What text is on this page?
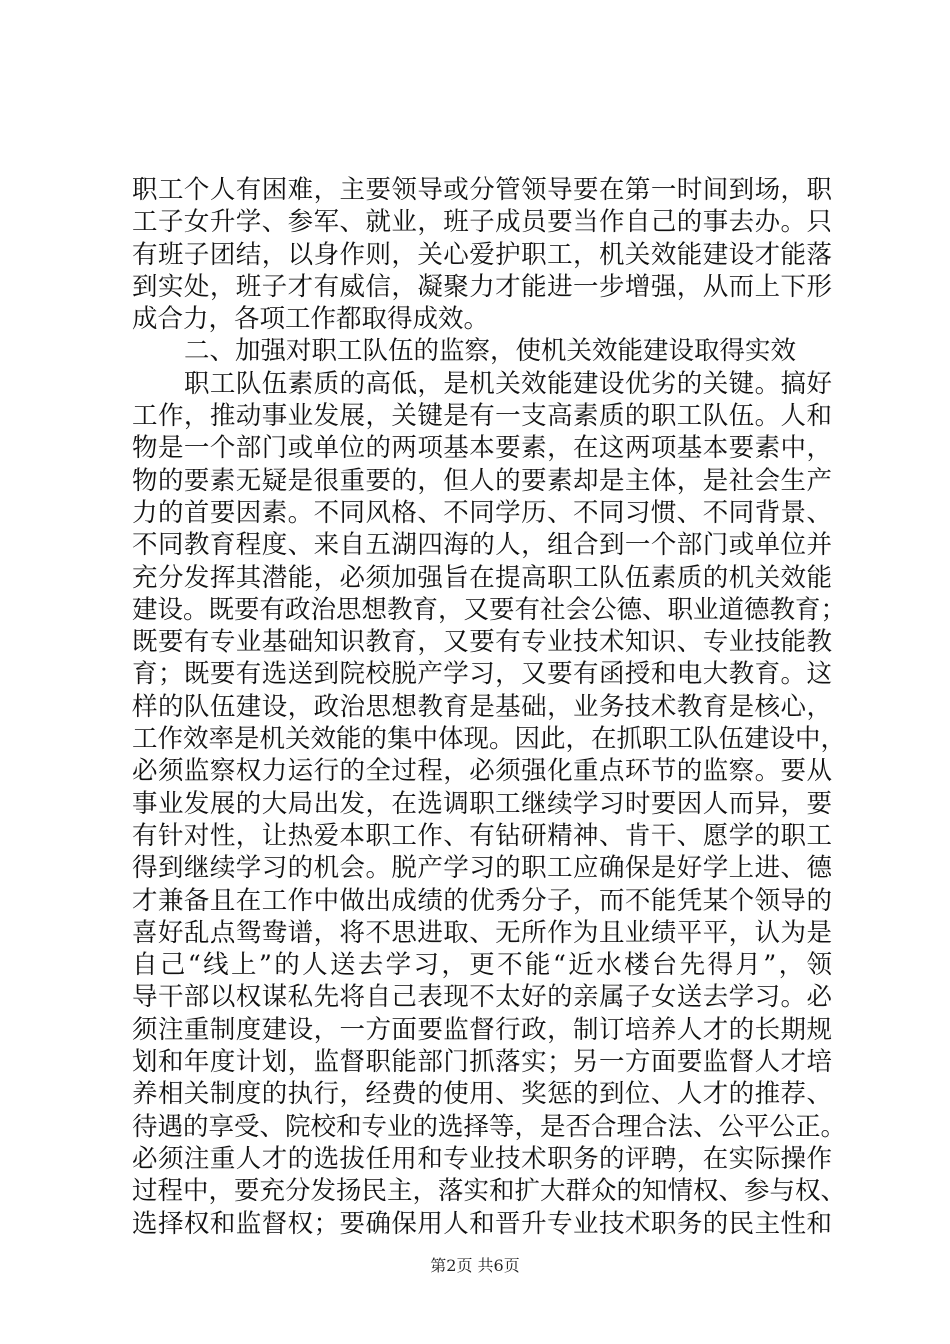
职工个人有困难，主要领导或分管领导要在第一时间到场，职
工子女升学、参军、就业，班子成员要当作自己的事去办。只
有班子团结，以身作则，关心爱护职工，机关效能建设才能落
到实处，班子才有威信，凝聚力才能进一步增强，从而上下形
成合力，各项工作都取得成效。
二、加强对职工队伍的监察，使机关效能建设取得实效
职工队伍素质的高低，是机关效能建设优劣的关键。搞好
工作，推动事业发展，关键是有一支高素质的职工队伍。人和
物是一个部门或单位的两项基本要素，在这两项基本要素中，
物的要素无疑是很重要的，但人的要素却是主体，是社会生产
力的首要因素。不同风格、不同学历、不同习惯、不同背景、
不同教育程度、来自五湖四海的人，组合到一个部门或单位并
充分发挥其潜能，必须加强旨在提高职工队伍素质的机关效能
建设。既要有政治思想教育，又要有社会公德、职业道德教育；
既要有专业基础知识教育，又要有专业技术知识、专业技能教
育；既要有选送到院校脱产学习，又要有函授和电大教育。这
样的队伍建设，政治思想教育是基础，业务技术教育是核心，
工作效率是机关效能的集中体现。因此，在抓职工队伍建设中，
必须监察权力运行的全过程，必须强化重点环节的监察。要从
事业发展的大局出发，在选调职工继续学习时要因人而异，要
有针对性，让热爱本职工作、有钻研精神、肯干、愿学的职工
得到继续学习的机会。脱产学习的职工应确保是好学上进、德
才兼备且在工作中做出成绩的优秀分子，而不能凭某个领导的
喜好乱点鸳鸯谱，将不思进取、无所作为且业绩平平，认为是
自己“线上”的人送去学习，更不能“近水楼台先得月”，领
导干部以权谋私先将自己表现不太好的亲属子女送去学习。必
须注重制度建设，一方面要监督行政，制订培养人才的长期规
划和年度计划，监督职能部门抓落实；另一方面要监督人才培
养相关制度的执行，经费的使用、奖惩的到位、人才的推荐、
待遇的享受、院校和专业的选择等，是否合理合法、公平公正。
必须注重人才的选拔任用和专业技术职务的评聘，在实际操作
过程中，要充分发扬民主，落实和扩大群众的知情权、参与权、
选择权和监督权；要确保用人和晋升专业技术职务的民主性和
第2页 共6页
